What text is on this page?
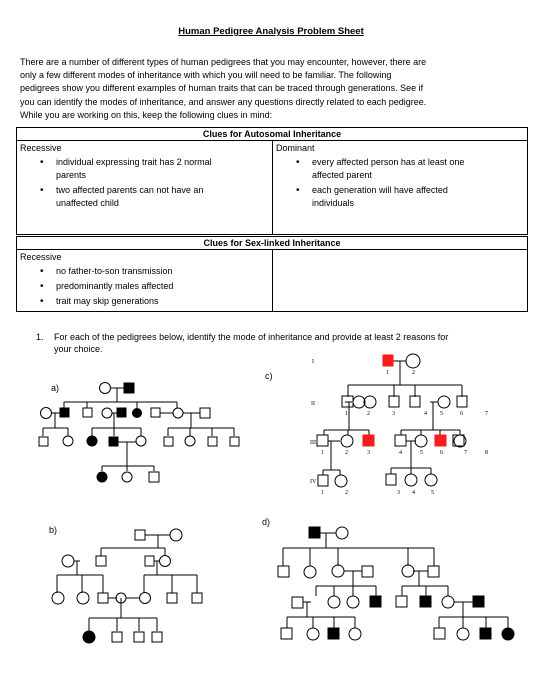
Human Pedigree Analysis Problem Sheet
There are a number of different types of human pedigrees that you may encounter, however, there are
only a few different modes of inheritance with which you will need to be familiar. The following
pedigrees show you different examples of human traits that can be traced through generations. See if
you can identify the modes of inheritance, and answer any questions directly related to each pedigree.
While you are working on this, keep the following clues in mind:
Clues for Autosomal Inheritance

Recessive
• individual expressing trait has 2 normal parents
• two affected parents can not have an unaffected child

Dominant
• every affected person has at least one affected parent
• each generation will have affected individuals
Clues for Sex-linked Inheritance

Recessive
• no father-to-son transmission
• predominantly males affected
• trait may skip generations

1. For each of the pedigrees below, identify the mode of inheritance and provide at least 2 reasons for
your choice.
a)
b)
c)
d)
I
II
III
IV
1	2
1	2	3	4 5	6	7
1	2	3	4	5	6	7	8
1	2	3 4	5
